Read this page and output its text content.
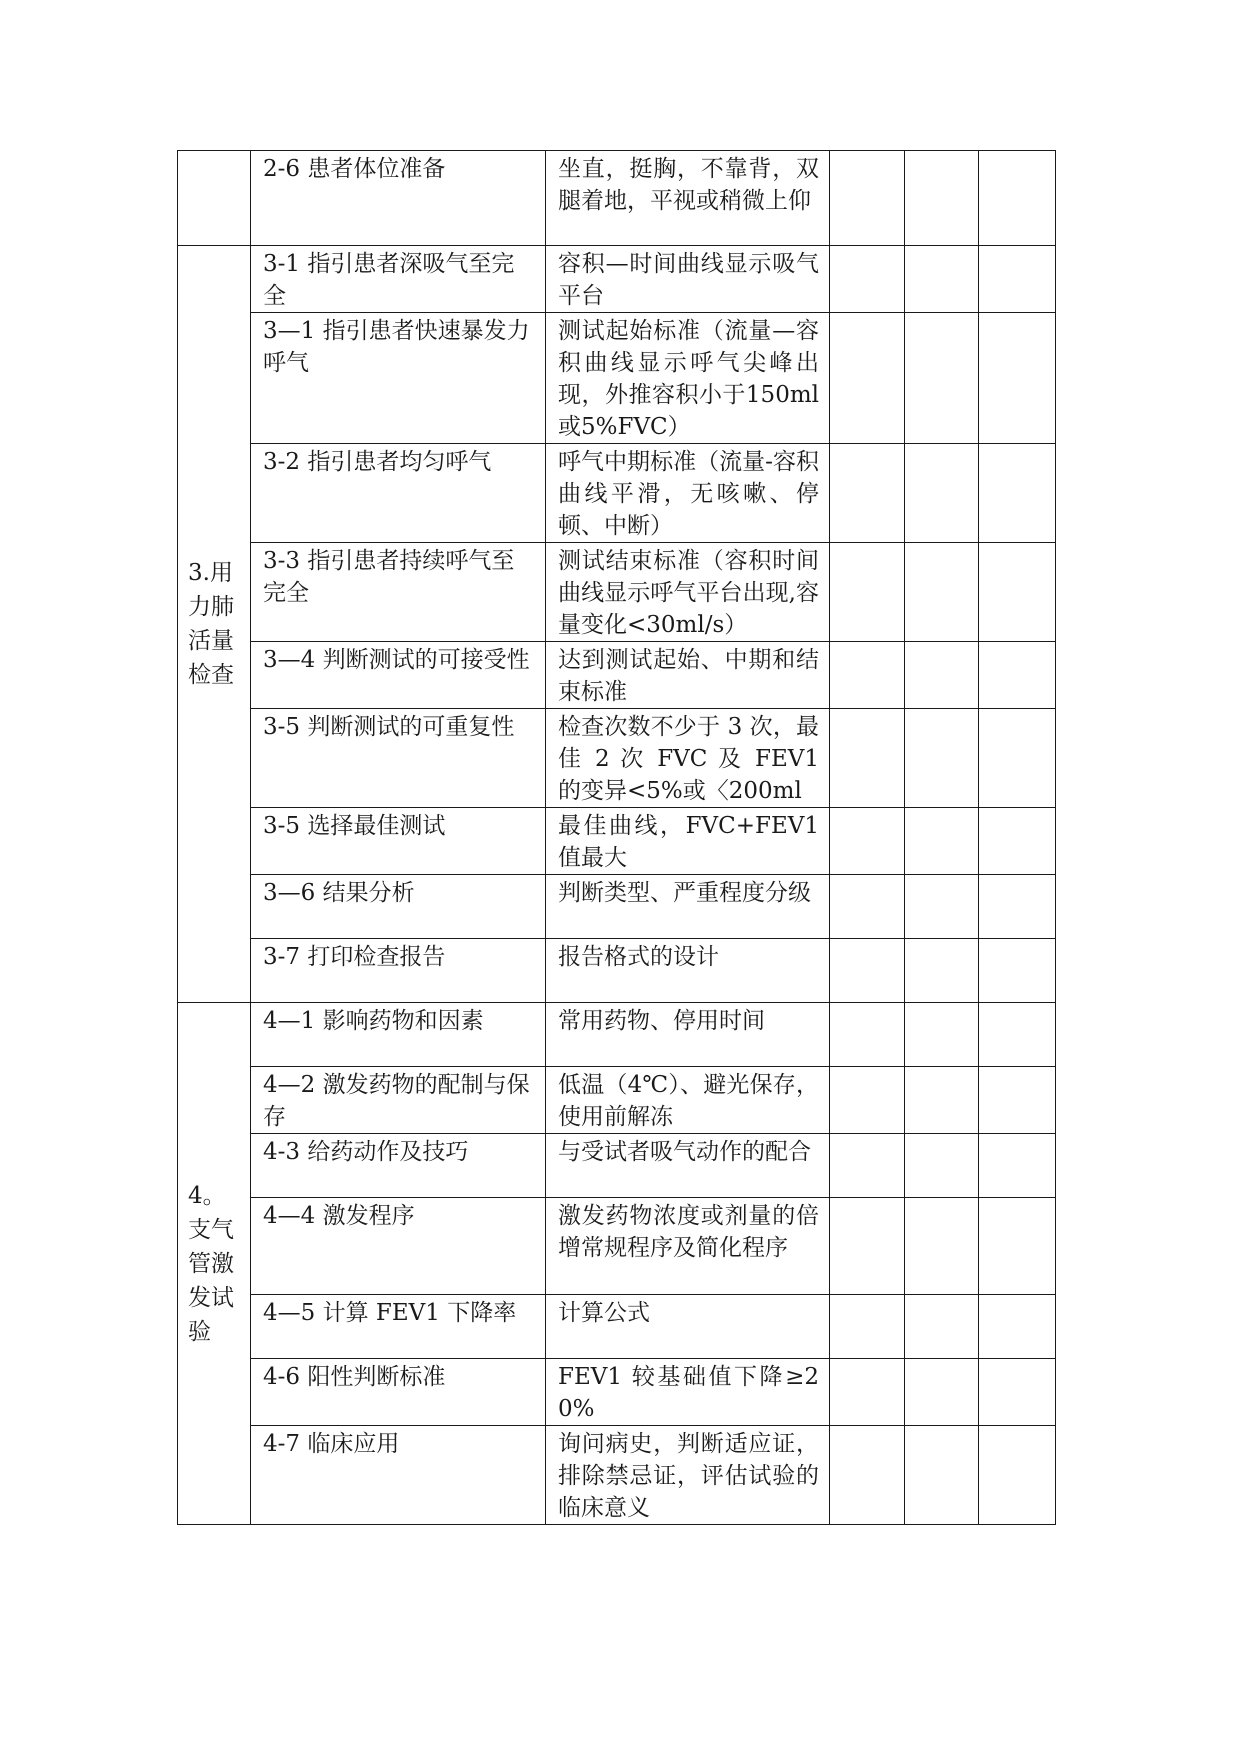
	2-6 患者体位准备	坐直，挺胸，不靠背，双腿着地，平视或稍微上仰			
3.用力肺活量检查	3-1 指引患者深吸气至完全	容积—时间曲线显示吸气平台			
	3—1 指引患者快速暴发力呼气	测试起始标准（流量—容积曲线显示呼气尖峰出现，外推容积小于150ml或5%FVC）			
	3-2 指引患者均匀呼气	呼气中期标准（流量-容积曲线平滑，无咳嗽、停顿、中断）			
	3-3 指引患者持续呼气至完全	测试结束标准（容积时间曲线显示呼气平台出现,容量变化<30ml/s）			
	3—4 判断测试的可接受性	达到测试起始、中期和结束标准			
	3-5 判断测试的可重复性	检查次数不少于 3 次，最佳 2 次 FVC 及 FEV1 的变异<5%或〈200ml			
	3-5 选择最佳测试	最佳曲线，FVC+FEV1 值最大			
	3—6 结果分析	判断类型、严重程度分级			
	3-7 打印检查报告	报告格式的设计			
4。支气管激发试验	4—1 影响药物和因素	常用药物、停用时间			
	4—2 激发药物的配制与保存	低温（4℃）、避光保存，使用前解冻			
	4-3 给药动作及技巧	与受试者吸气动作的配合			
	4—4 激发程序	激发药物浓度或剂量的倍增常规程序及简化程序			
	4—5 计算 FEV1 下降率	计算公式			
	4-6 阳性判断标准	FEV1 较基础值下降≥20%			
	4-7 临床应用	询问病史，判断适应证，排除禁忌证，评估试验的临床意义			
